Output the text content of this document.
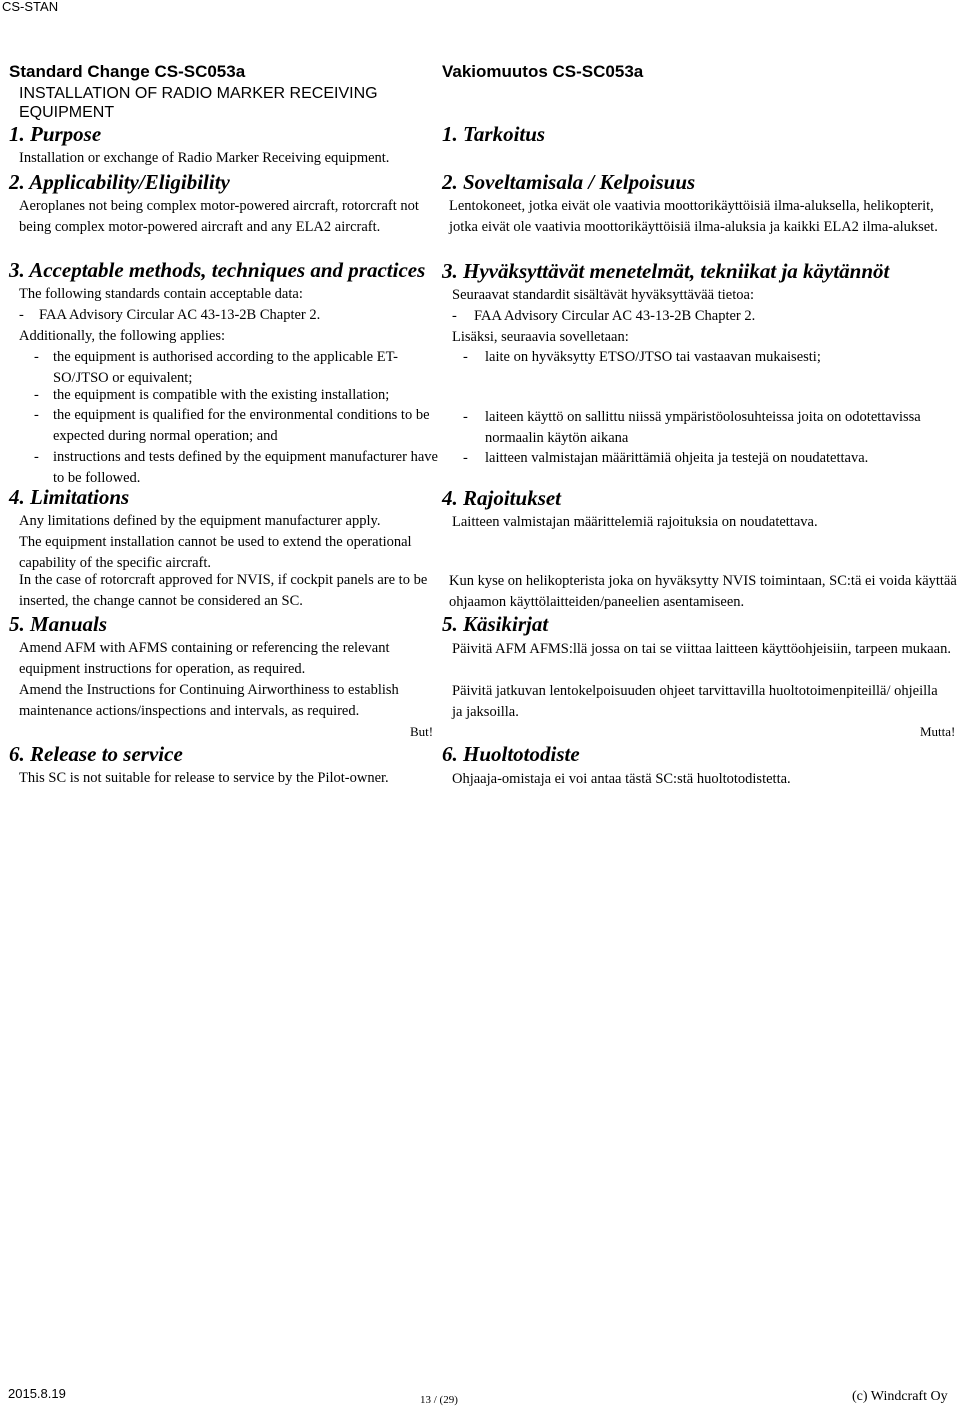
CS-STAN
Standard Change CS-SC053a
INSTALLATION OF RADIO MARKER RECEIVING EQUIPMENT
1. Purpose
Installation or exchange of Radio Marker Receiving equipment.
2. Applicability/Eligibility
Aeroplanes not being complex motor-powered aircraft, rotorcraft not being complex motor-powered aircraft and any ELA2 aircraft.
3. Acceptable methods, techniques and practices
The following standards contain acceptable data:
- FAA Advisory Circular AC 43-13-2B Chapter 2.
Additionally, the following applies:
- the equipment is authorised according to the applicable ET-SO/JTSO or equivalent;
- the equipment is compatible with the existing installation;
- the equipment is qualified for the environmental conditions to be expected during normal operation; and
- instructions and tests defined by the equipment manufacturer have to be followed.
4. Limitations
Any limitations defined by the equipment manufacturer apply.
The equipment installation cannot be used to extend the operational capability of the specific aircraft.
In the case of rotorcraft approved for NVIS, if cockpit panels are to be inserted, the change cannot be considered an SC.
5. Manuals
Amend AFM with AFMS containing or referencing the relevant equipment instructions for operation, as required.
Amend the Instructions for Continuing Airworthiness to establish maintenance actions/inspections and intervals, as required.
But!
6. Release to service
This SC is not suitable for release to service by the Pilot-owner.
Vakiomuutos CS-SC053a
1. Tarkoitus
2. Soveltamisala / Kelpoisuus
Lentokoneet, jotka eivät ole vaativia moottorikäyttöisiä ilma-aluksella, helikopterit, jotka eivät ole vaativia moottorikäyttöisiä ilma-aluksia ja kaikki ELA2 ilma-alukset.
3. Hyväksyttävät menetelmät, tekniikat ja käytännöt
Seuraavat standardit sisältävät hyväksyttävää tietoa:
- FAA Advisory Circular AC 43-13-2B Chapter 2.
Lisäksi, seuraavia sovelletaan:
- laite on hyväksytty ETSO/JTSO tai vastaavan mukaisesti;
- laiteen käyttö on sallittu niissä ympäristöolosuhteissa joita on odotettavissa normaalin käytön aikana
- laitteen valmistajan määrittämiä ohjeita ja testejä on noudatettava.
4. Rajoitukset
Laitteen valmistajan määrittelemiä rajoituksia on noudatettava.
Kun kyse on helikopterista joka on hyväksytty NVIS toimintaan, SC:tä ei voida käyttää ohjaamon käyttölaitteiden/paneelien asentamiseen.
5. Käsikirjat
Päivitä AFM AFMS:llä jossa on tai se viittaa laitteen käyttöohjeisiin, tarpeen mukaan.
Päivitä jatkuvan lentokelpoisuuden ohjeet tarvittavilla huoltotoimenpiteillä/ ohjeilla ja jaksoilla.
Mutta!
6. Huoltotodiste
Ohjaaja-omistaja ei voi antaa tästä SC:stä huoltotodistetta.
2015.8.19	13 / (29)	(c) Windcraft Oy
